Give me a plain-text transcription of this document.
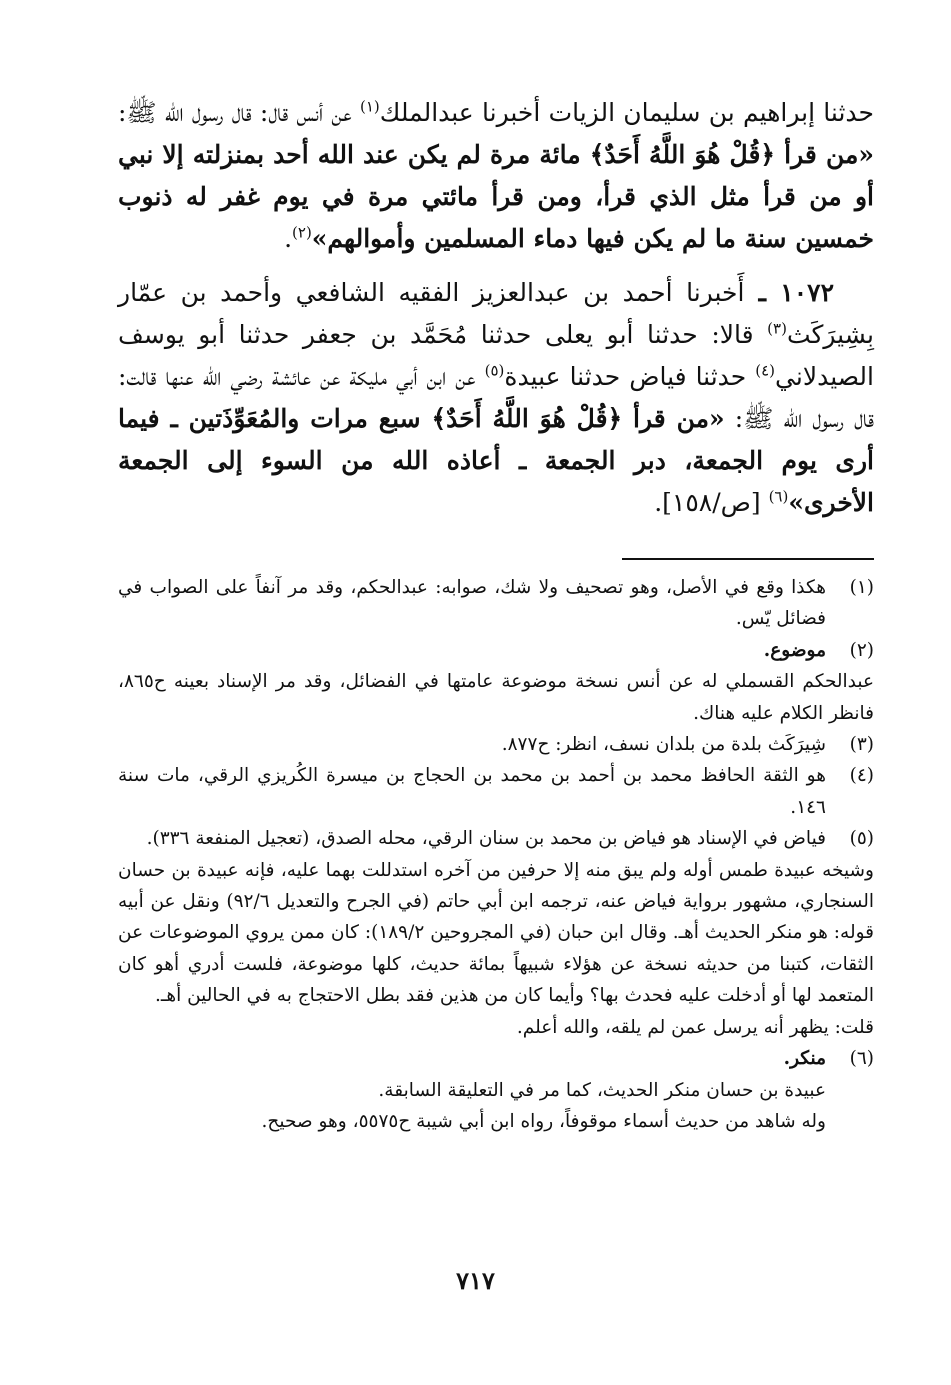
حدثنا إبراهيم بن سليمان الزيات أخبرنا عبدالملك$^{(١)}$ عن أنس قال: قال رسول اللّه ﷺ: «من قرأ ﴿قُلْ هُوَ اللَّهُ أَحَدٌ﴾ مائة مرة لم يكن عند الله أحد بمنزلته إلا نبي أو من قرأ مثل الذي قرأ، ومن قرأ مائتي مرة في يوم غفر له ذنوب خمسين سنة ما لم يكن فيها دماء المسلمين وأموالهم»$^{(٢)}$.

١٠٧٢ ـ أَخبرنا أحمد بن عبدالعزيز الفقيه الشافعي وأحمد بن عمّار بِشِيرَكَث$^{(٣)}$ قالا: حدثنا أبو يعلى حدثنا مُحَمَّد بن جعفر حدثنا أبو يوسف الصيدلاني$^{(٤)}$ حدثنا فياض حدثنا عبيدة$^{(٥)}$ عن ابن أبي مليكة عن عائشة رضي الله عنها قالت: قال رسول اللّه ﷺ: «من قرأ ﴿قُلْ هُوَ اللَّهُ أَحَدٌ﴾ سبع مرات والمُعَوِّذَتين ـ فيما أرى يوم الجمعة، دبر الجمعة ـ أعاذه الله من السوء إلى الجمعة الأخرى»$^{(٦)}$ [ص/١٥٨].

(١)
هكذا وقع في الأصل، وهو تصحيف ولا شك، صوابه: عبدالحكم، وقد مر آنفاً على الصواب في فضائل يّس.
(٢)
موضوع.
عبدالحكم القسملي له عن أنس نسخة موضوعة عامتها في الفضائل، وقد مر الإسناد بعينه ح٨٦٥، فانظر الكلام عليه هناك.
(٣)
شِيرَكَث بلدة من بلدان نسف، انظر: ح٨٧٧.
(٤)
هو الثقة الحافظ محمد بن أحمد بن محمد بن الحجاج بن ميسرة الكُريزي الرقي، مات سنة ١٤٦.
(٥)
فياض في الإسناد هو فياض بن محمد بن سنان الرقي، محله الصدق، (تعجيل المنفعة ٣٣٦).
وشيخه عبيدة طمس أوله ولم يبق منه إلا حرفين من آخره استدللت بهما عليه، فإنه عبيدة بن حسان السنجاري، مشهور برواية فياض عنه، ترجمه ابن أبي حاتم (في الجرح والتعديل ٩٢/٦) ونقل عن أبيه قوله: هو منكر الحديث أهـ. وقال ابن حبان (في المجروحين ١٨٩/٢): كان ممن يروي الموضوعات عن الثقات، كتبنا من حديثه نسخة عن هؤلاء شبيهاً بمائة حديث، كلها موضوعة، فلست أدري أهو كان المتعمد لها أو أدخلت عليه فحدث بها؟ وأيما كان من هذين فقد بطل الاحتجاج به في الحالين أهـ.
قلت: يظهر أنه يرسل عمن لم يلقه، والله أعلم.
(٦)
منكر.
عبيدة بن حسان منكر الحديث، كما مر في التعليقة السابقة.
وله شاهد من حديث أسماء موقوفاً، رواه ابن أبي شيبة ح٥٥٧٥، وهو صحيح.
٧١٧
